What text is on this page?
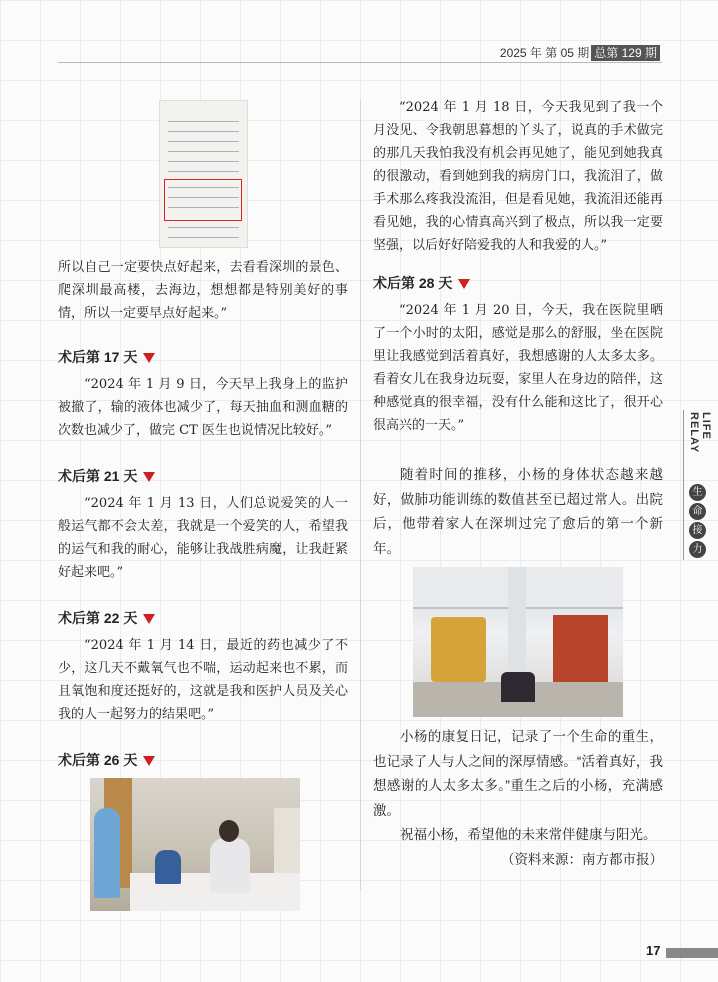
2025 年 第 05 期 总第 129 期

所以自己一定要快点好起来，去看看深圳的景色、爬深圳最高楼，去海边，想想都是特别美好的事情，所以一定要早点好起来。”

术后第 17 天

“2024 年 1 月 9 日，今天早上我身上的监护被撤了，输的液体也减少了，每天抽血和测血糖的次数也减少了，做完 CT 医生也说情况比较好。”

术后第 21 天

“2024 年 1 月 13 日，人们总说爱笑的人一般运气都不会太差，我就是一个爱笑的人，希望我的运气和我的耐心，能够让我战胜病魔，让我赶紧好起来吧。”

术后第 22 天

“2024 年 1 月 14 日，最近的药也减少了不少，这几天不戴氧气也不喘，运动起来也不累，而且氧饱和度还挺好的，这就是我和医护人员及关心我的人一起努力的结果吧。”

术后第 26 天

“2024 年 1 月 18 日，今天我见到了我一个月没见、令我朝思暮想的丫头了，说真的手术做完的那几天我怕我没有机会再见她了，能见到她我真的很激动，看到她到我的病房门口，我流泪了，做手术那么疼我没流泪，但是看见她，我流泪还能再看见她，我的心情真高兴到了极点，所以我一定要坚强，以后好好陪爱我的人和我爱的人。”

术后第 28 天

“2024 年 1 月 20 日，今天，我在医院里晒了一个小时的太阳，感觉是那么的舒服，坐在医院里让我感觉到活着真好，我想感谢的人太多太多。看着女儿在我身边玩耍，家里人在身边的陪伴，这种感觉真的很幸福，没有什么能和这比了，很开心很高兴的一天。”

随着时间的推移，小杨的身体状态越来越好，做肺功能训练的数值甚至已超过常人。出院后，他带着家人在深圳过完了愈后的第一个新年。

小杨的康复日记，记录了一个生命的重生，也记录了人与人之间的深厚情感。“活着真好，我想感谢的人太多太多。”重生之后的小杨，充满感激。

祝福小杨，希望他的未来常伴健康与阳光。

（资料来源：南方都市报）

LIFE RELAY
生
命
接
力
17
